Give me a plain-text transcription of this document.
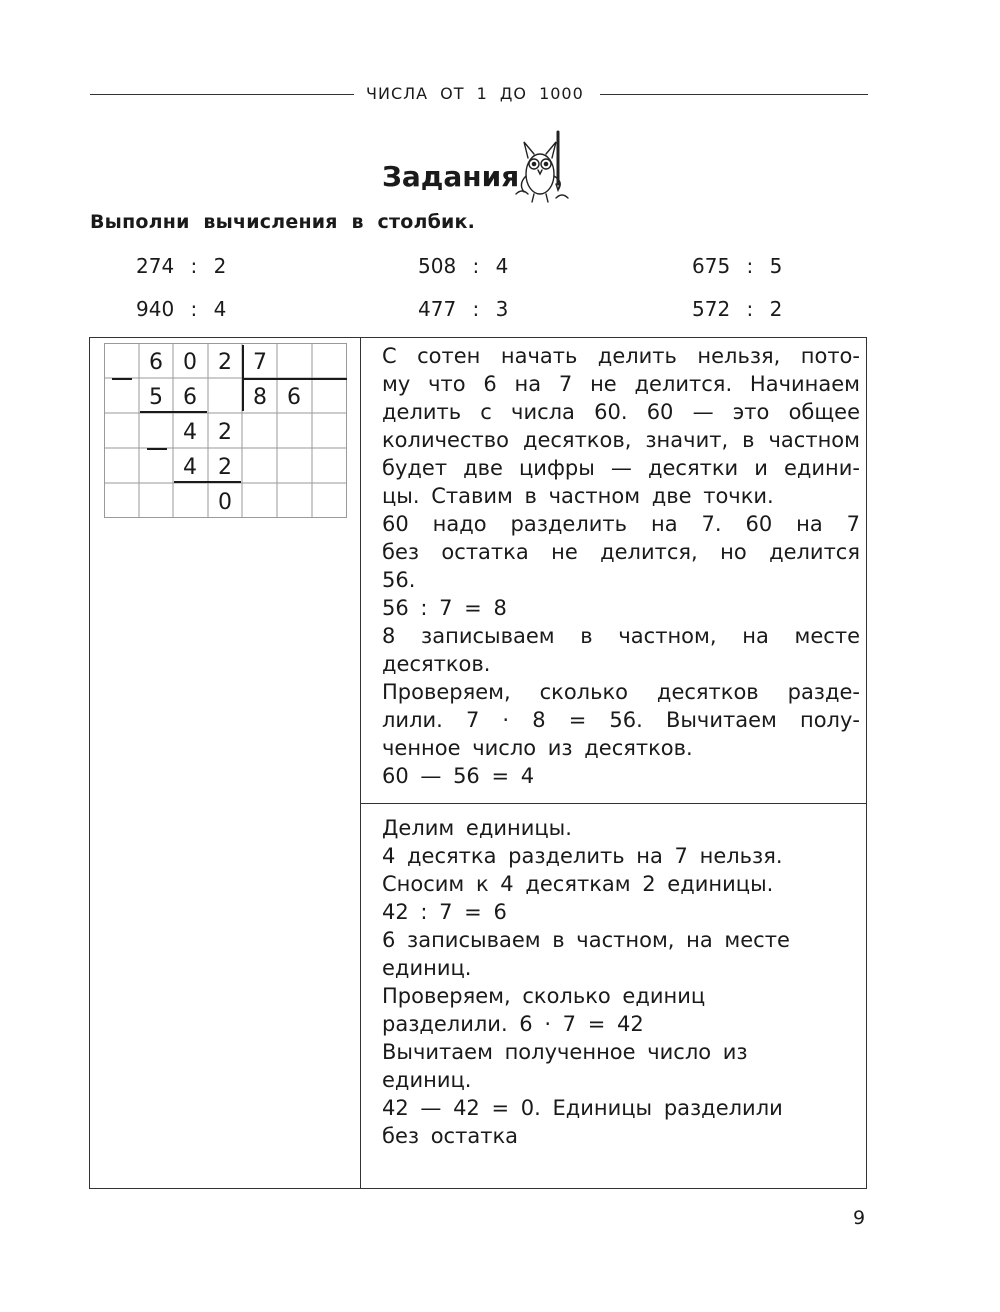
ЧИСЛА ОТ 1 ДО 1000
Задания
Выполни вычисления в столбик.
274 : 2	508 : 4	675 : 5
940 : 4	477 : 3	572 : 2
6 0 2 7
5 6	8 6
4 2
4 2
0
С сотен начать делить нельзя, пото-
му что 6 на 7 не делится. Начинаем
делить с числа 60. 60 — это общее
количество десятков, значит, в частном
будет две цифры — десятки и едини-
цы. Ставим в частном две точки.
60 надо разделить на 7. 60 на 7
без остатка не делится, но делится
56.
56 : 7 = 8
8 записываем в частном, на месте
десятков.
Проверяем, сколько десятков разде-
лили. 7 · 8 = 56. Вычитаем полу-
ченное число из десятков.
60 — 56 = 4
Делим единицы.
4 десятка разделить на 7 нельзя.
Сносим к 4 десяткам 2 единицы.
42 : 7 = 6
6 записываем в частном, на месте
единиц.
Проверяем, сколько единиц
разделили. 6 · 7 = 42
Вычитаем полученное число из
единиц.
42 — 42 = 0. Единицы разделили
без остатка
9
